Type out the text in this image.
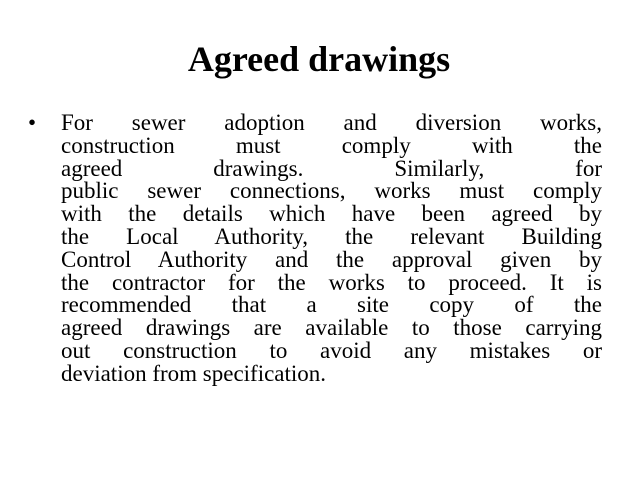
Agreed drawings
•	For sewer adoption and diversion works,
construction must comply with the
agreed drawings. Similarly, for
public sewer connections, works must comply
with the details which have been agreed by
the Local Authority, the relevant Building
Control Authority and the approval given by
the contractor for the works to proceed. It is
recommended that a site copy of the
agreed drawings are available to those carrying
out construction to avoid any mistakes or
deviation from specification.
